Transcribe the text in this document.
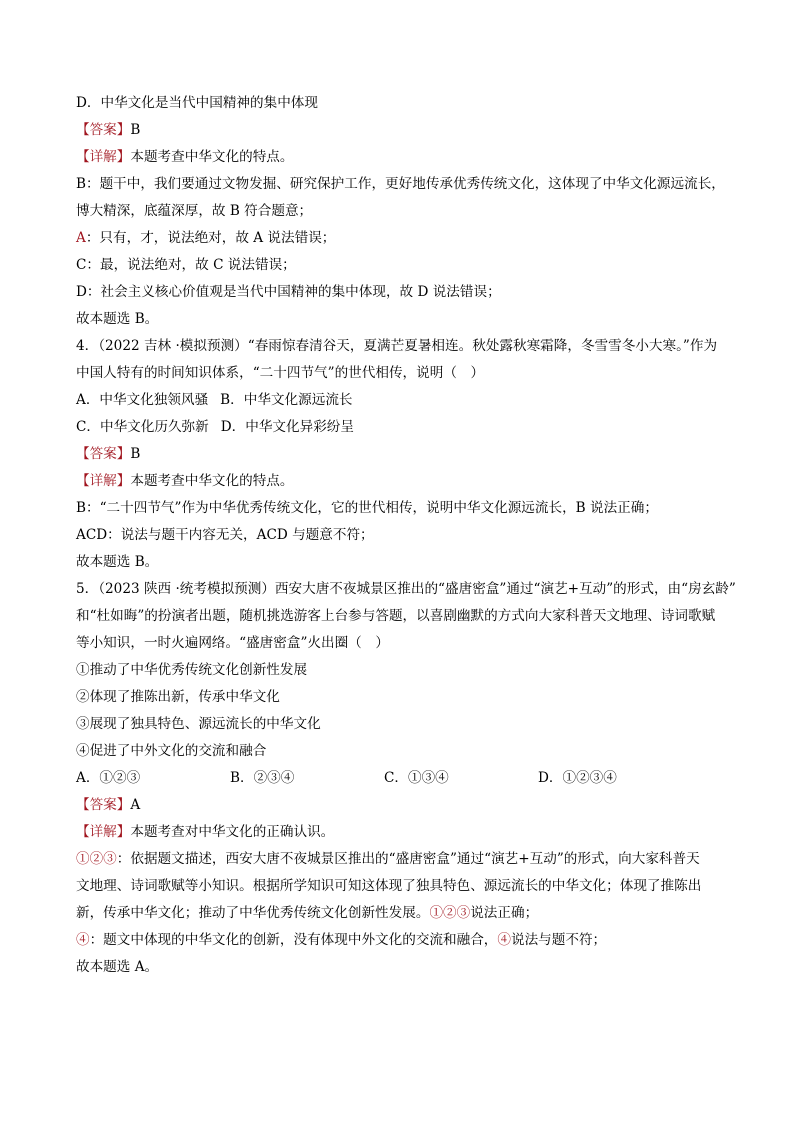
D．中华文化是当代中国精神的集中体现
【答案】B
【详解】本题考查中华文化的特点。
B：题干中，我们要通过文物发掘、研究保护工作，更好地传承优秀传统文化，这体现了中华文化源远流长，
博大精深，底蕴深厚，故 B 符合题意；
A：只有，才，说法绝对，故 A 说法错误；
C：最，说法绝对，故 C 说法错误；
D：社会主义核心价值观是当代中国精神的集中体现，故 D 说法错误；
故本题选 B。
4．（2022 吉林 ·模拟预测）“春雨惊春清谷天，夏满芒夏暑相连。秋处露秋寒霜降，冬雪雪冬小大寒。”作为
中国人特有的时间知识体系，“二十四节气”的世代相传，说明（　）
A．中华文化独领风骚 B．中华文化源远流长
C．中华文化历久弥新 D．中华文化异彩纷呈
【答案】B
【详解】本题考查中华文化的特点。
B：“二十四节气”作为中华优秀传统文化，它的世代相传，说明中华文化源远流长，B 说法正确；
ACD：说法与题干内容无关，ACD 与题意不符；
故本题选 B。
5．（2023 陕西 ·统考模拟预测）西安大唐不夜城景区推出的“盛唐密盒”通过“演艺+互动”的形式，由“房玄龄”
和“杜如晦”的扮演者出题，随机挑选游客上台参与答题，以喜剧幽默的方式向大家科普天文地理、诗词歌赋
等小知识，一时火遍网络。“盛唐密盒”火出圈（　）
①推动了中华优秀传统文化创新性发展
②体现了推陈出新，传承中华文化
③展现了独具特色、源远流长的中华文化
④促进了中外文化的交流和融合
A．①②③	B．②③④	C．①③④	D．①②③④
【答案】A
【详解】本题考查对中华文化的正确认识。
①②③：依据题文描述，西安大唐不夜城景区推出的“盛唐密盒”通过“演艺+互动”的形式，向大家科普天
文地理、诗词歌赋等小知识。根据所学知识可知这体现了独具特色、源远流长的中华文化；体现了推陈出
新，传承中华文化；推动了中华优秀传统文化创新性发展。①②③说法正确；
④：题文中体现的中华文化的创新，没有体现中外文化的交流和融合，④说法与题不符；
故本题选 A。
